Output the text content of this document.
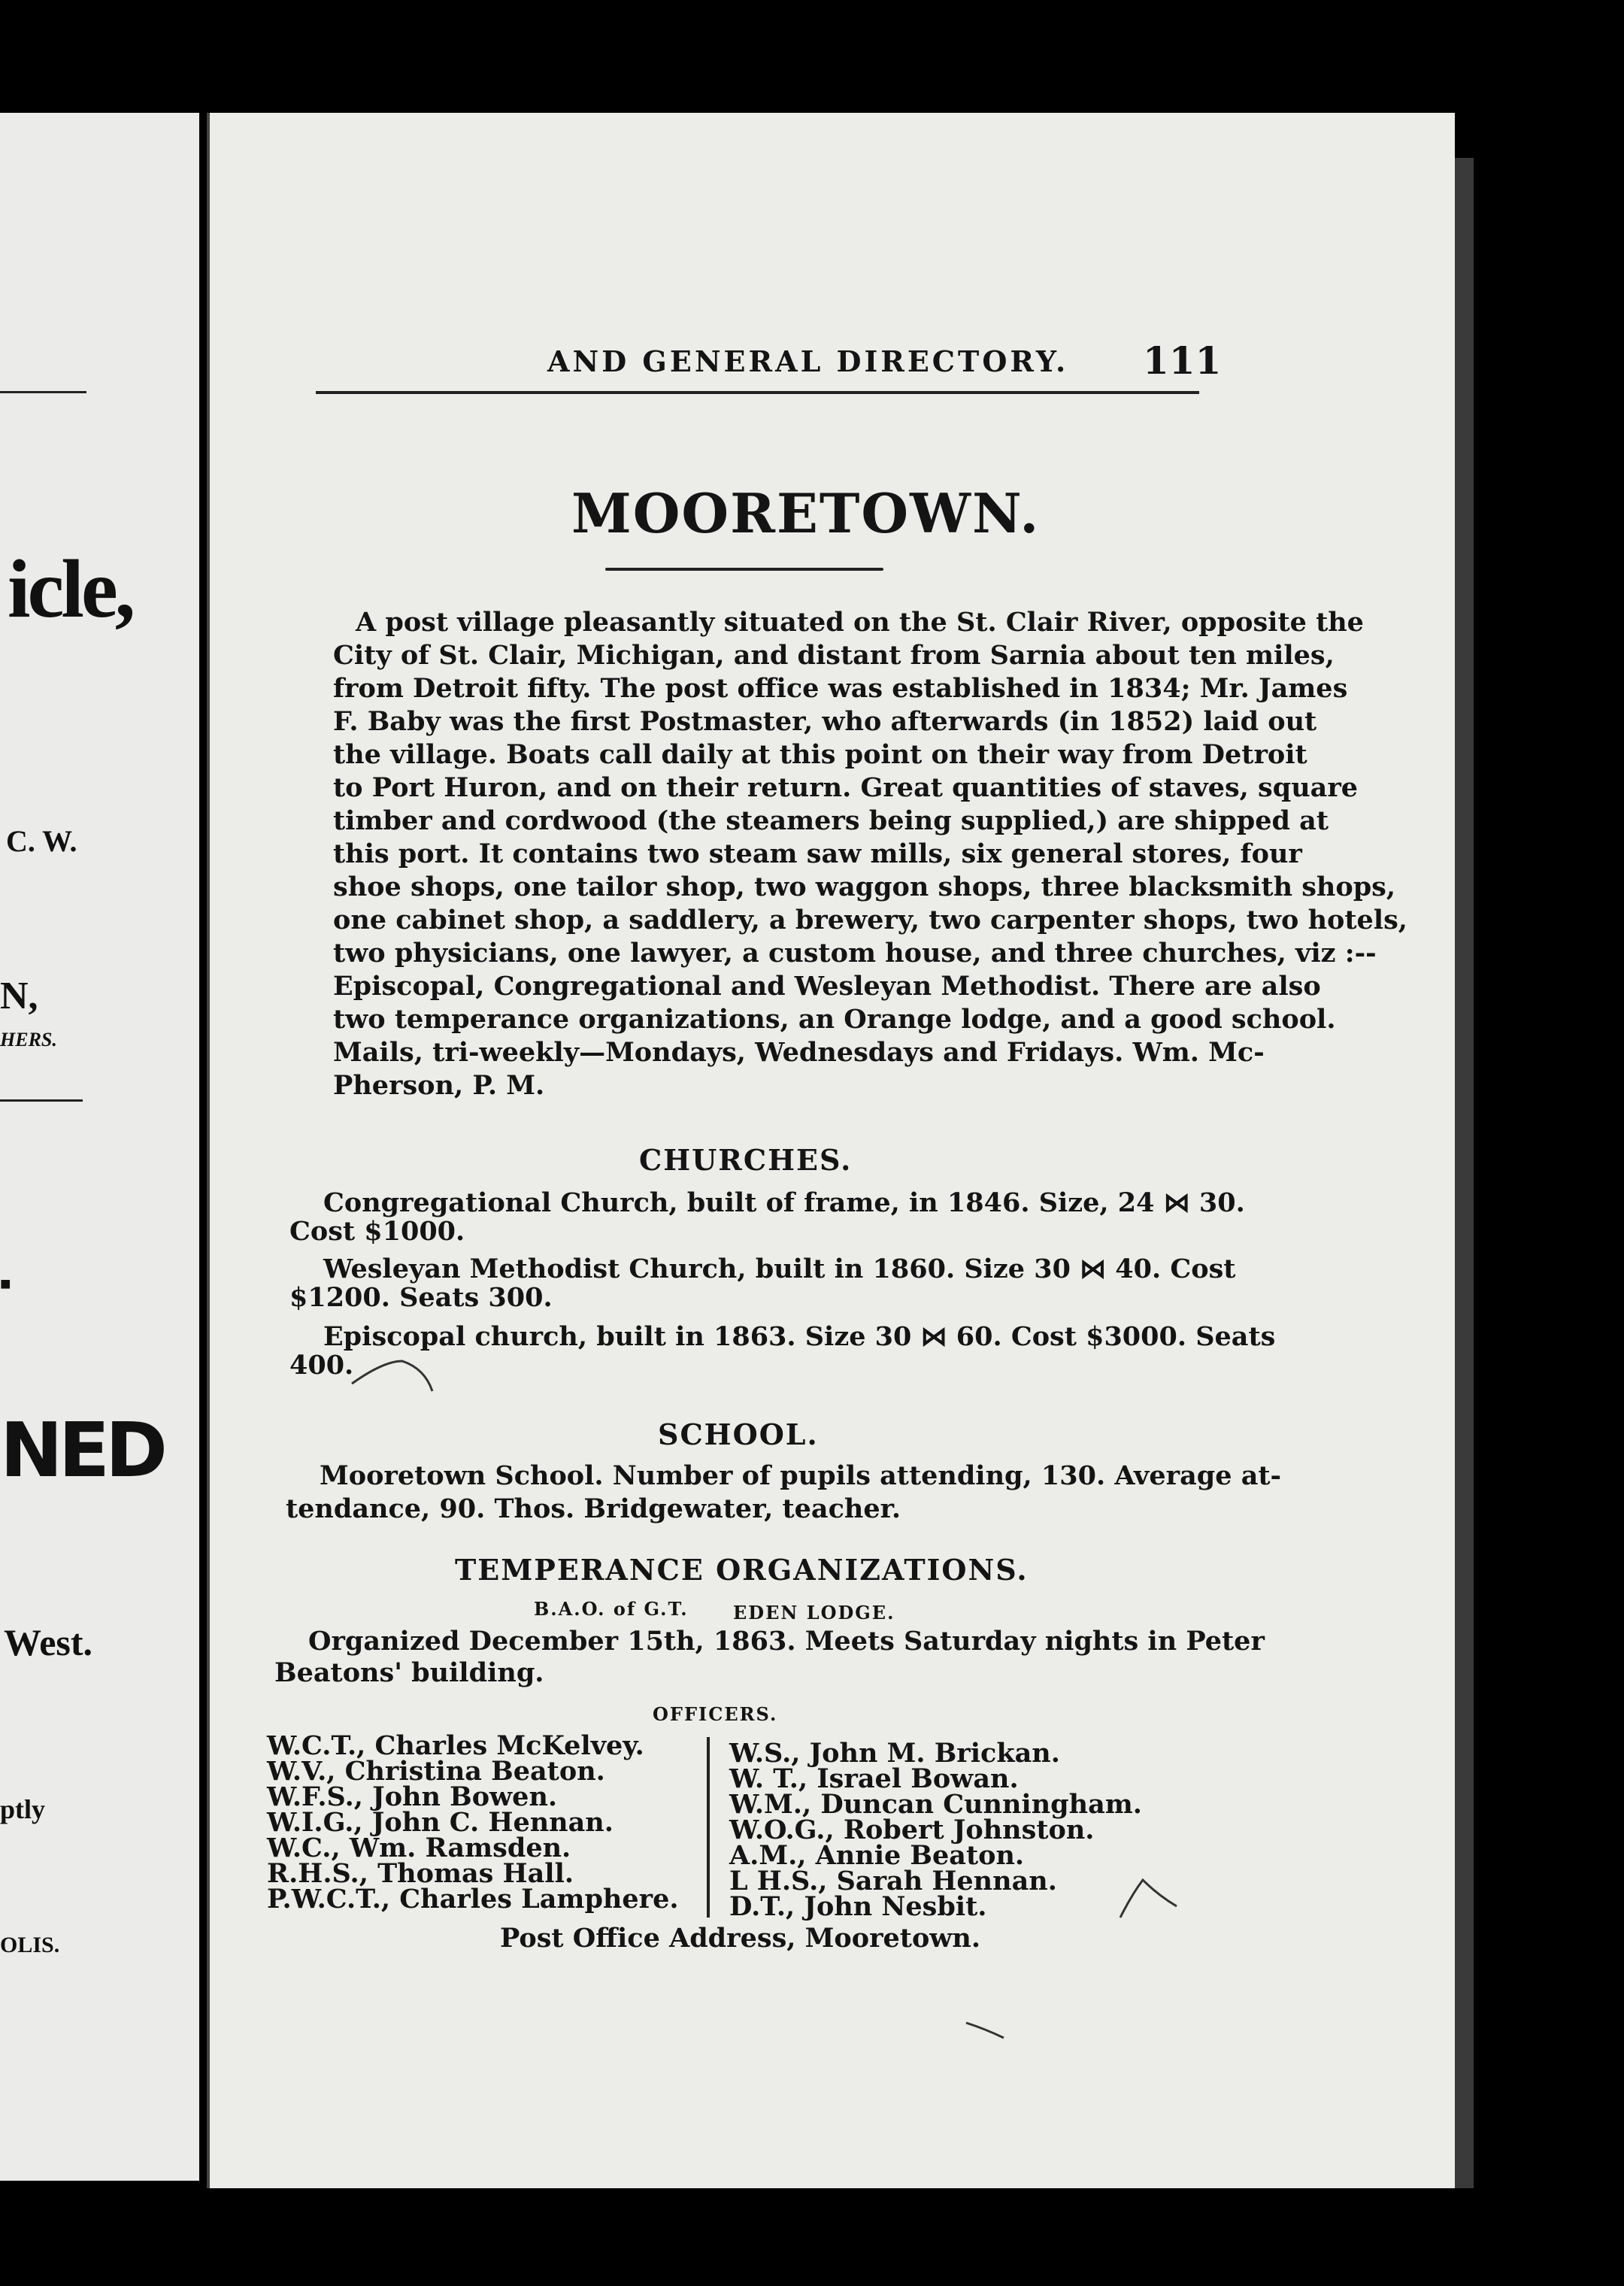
icle,
C. W.
N,
HERS.
■
NED
West.
ptly
OLIS.
AND GENERAL DIRECTORY. 111
MOORETOWN.
A post village pleasantly situated on the St. Clair River, opposite the
City of St. Clair, Michigan, and distant from Sarnia about ten miles,
from Detroit fifty. The post office was established in 1834; Mr. James
F. Baby was the first Postmaster, who afterwards (in 1852) laid out
the village. Boats call daily at this point on their way from Detroit
to Port Huron, and on their return. Great quantities of staves, square
timber and cordwood (the steamers being supplied,) are shipped at
this port. It contains two steam saw mills, six general stores, four
shoe shops, one tailor shop, two waggon shops, three blacksmith shops,
one cabinet shop, a saddlery, a brewery, two carpenter shops, two hotels,
two physicians, one lawyer, a custom house, and three churches, viz :--
Episcopal, Congregational and Wesleyan Methodist. There are also
two temperance organizations, an Orange lodge, and a good school.
Mails, tri-weekly—Mondays, Wednesdays and Fridays. Wm. Mc-
Pherson, P. M.
CHURCHES.
Congregational Church, built of frame, in 1846. Size, 24 ⋈ 30.
Cost $1000.
Wesleyan Methodist Church, built in 1860. Size 30 ⋈ 40. Cost
$1200. Seats 300.
Episcopal church, built in 1863. Size 30 ⋈ 60. Cost $3000. Seats
400.
SCHOOL.
Mooretown School. Number of pupils attending, 130. Average at-
tendance, 90. Thos. Bridgewater, teacher.
TEMPERANCE ORGANIZATIONS.
B.A.O. of G.T. EDEN LODGE.
Organized December 15th, 1863. Meets Saturday nights in Peter
Beatons' building.
OFFICERS.
W.C.T., Charles McKelvey.
W.V., Christina Beaton.
W.F.S., John Bowen.
W.I.G., John C. Hennan.
W.C., Wm. Ramsden.
R.H.S., Thomas Hall.
P.W.C.T., Charles Lamphere.
W.S., John M. Brickan.
W. T., Israel Bowan.
W.M., Duncan Cunningham.
W.O.G., Robert Johnston.
A.M., Annie Beaton.
L H.S., Sarah Hennan.
D.T., John Nesbit.
Post Office Address, Mooretown.
